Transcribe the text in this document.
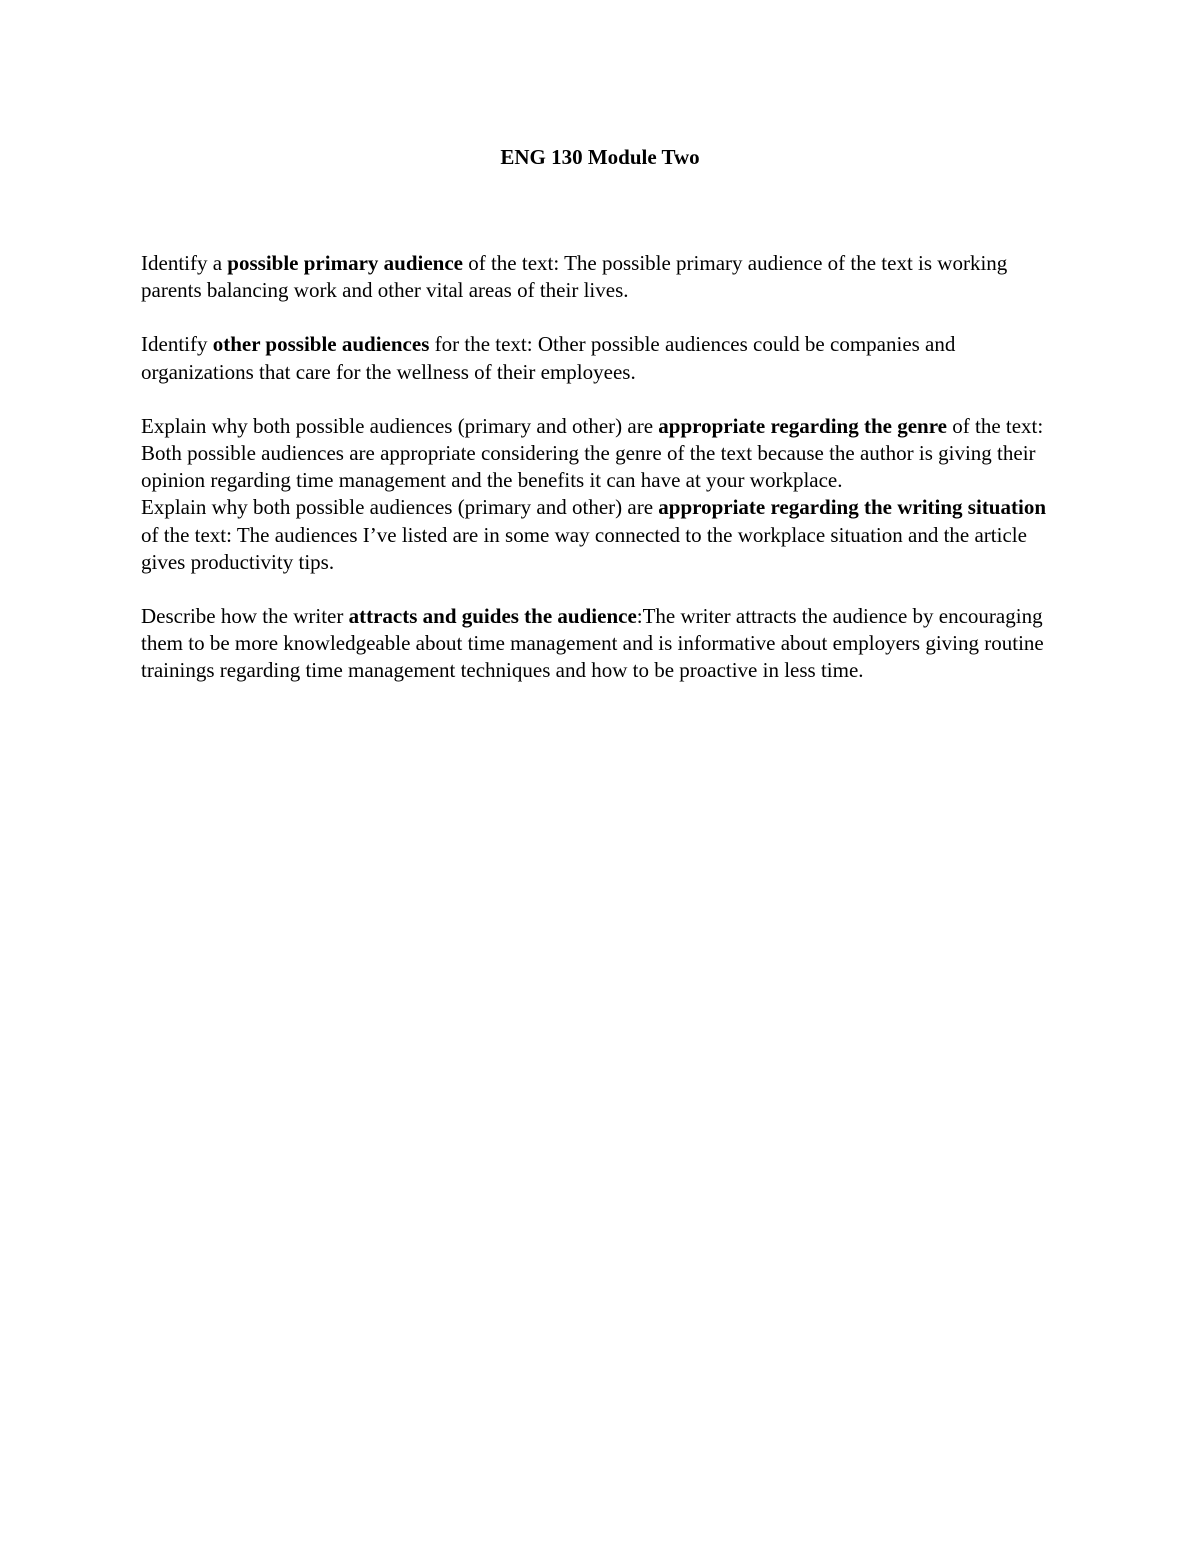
ENG 130 Module Two

Identify a possible primary audience of the text: The possible primary audience of the text is working parents balancing work and other vital areas of their lives.

Identify other possible audiences for the text: Other possible audiences could be companies and organizations that care for the wellness of their employees.

Explain why both possible audiences (primary and other) are appropriate regarding the genre of the text: Both possible audiences are appropriate considering the genre of the text because the author is giving their opinion regarding time management and the benefits it can have at your workplace.

Explain why both possible audiences (primary and other) are appropriate regarding the writing situation of the text: The audiences I’ve listed are in some way connected to the workplace situation and the article gives productivity tips.

Describe how the writer attracts and guides the audience:The writer attracts the audience by encouraging them to be more knowledgeable about time management and is informative about employers giving routine trainings regarding time management techniques and how to be proactive in less time.
